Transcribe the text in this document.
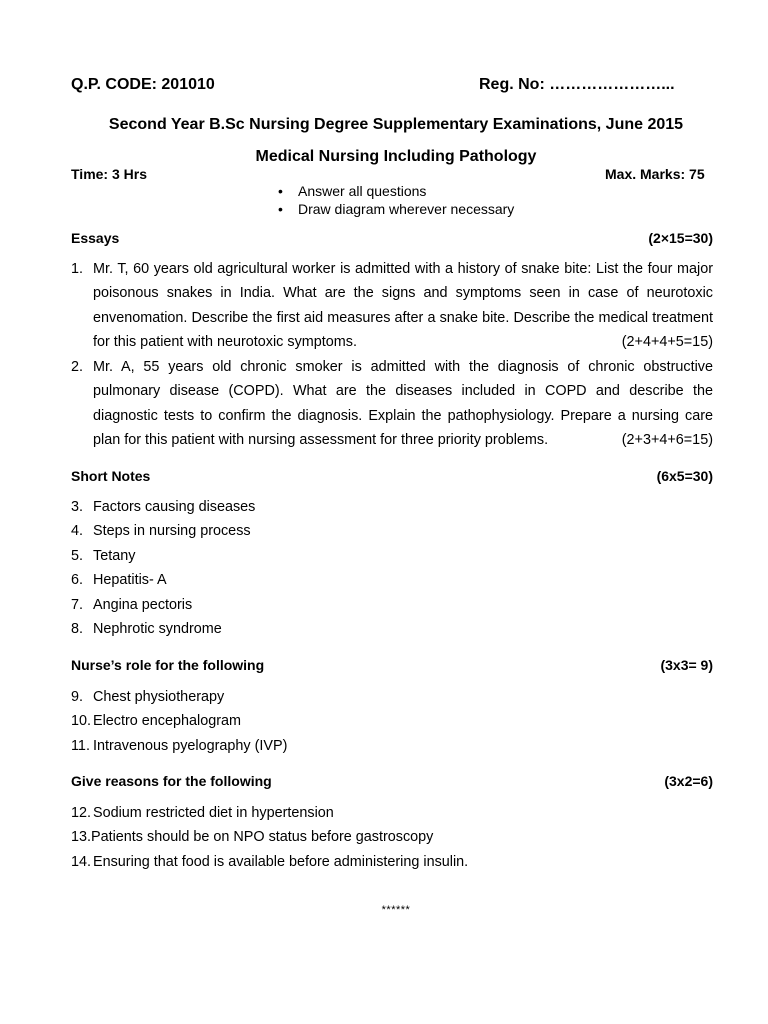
Q.P. CODE: 201010	Reg. No: …………………...
Second Year B.Sc Nursing Degree Supplementary Examinations, June 2015
Medical Nursing Including Pathology
Time: 3 Hrs	Max. Marks: 75
• Answer all questions
• Draw diagram wherever necessary
Essays	(2×15=30)
1. Mr. T, 60 years old agricultural worker is admitted with a history of snake bite: List the four major poisonous snakes in India. What are the signs and symptoms seen in case of neurotoxic envenomation. Describe the first aid measures after a snake bite. Describe the medical treatment for this patient with neurotoxic symptoms.	(2+4+4+5=15)
2. Mr. A, 55 years old chronic smoker is admitted with the diagnosis of chronic obstructive pulmonary disease (COPD). What are the diseases included in COPD and describe the diagnostic tests to confirm the diagnosis. Explain the pathophysiology. Prepare a nursing care plan for this patient with nursing assessment for three priority problems.	(2+3+4+6=15)
Short Notes	(6x5=30)
3. Factors causing diseases
4. Steps in nursing process
5. Tetany
6. Hepatitis- A
7. Angina pectoris
8. Nephrotic syndrome
Nurse’s role for the following	(3x3= 9)
9. Chest physiotherapy
10. Electro encephalogram
11. Intravenous pyelography (IVP)
Give reasons for the following	(3x2=6)
12. Sodium restricted diet in hypertension
13. Patients should be on NPO status before gastroscopy
14. Ensuring that food is available before administering insulin.
******
